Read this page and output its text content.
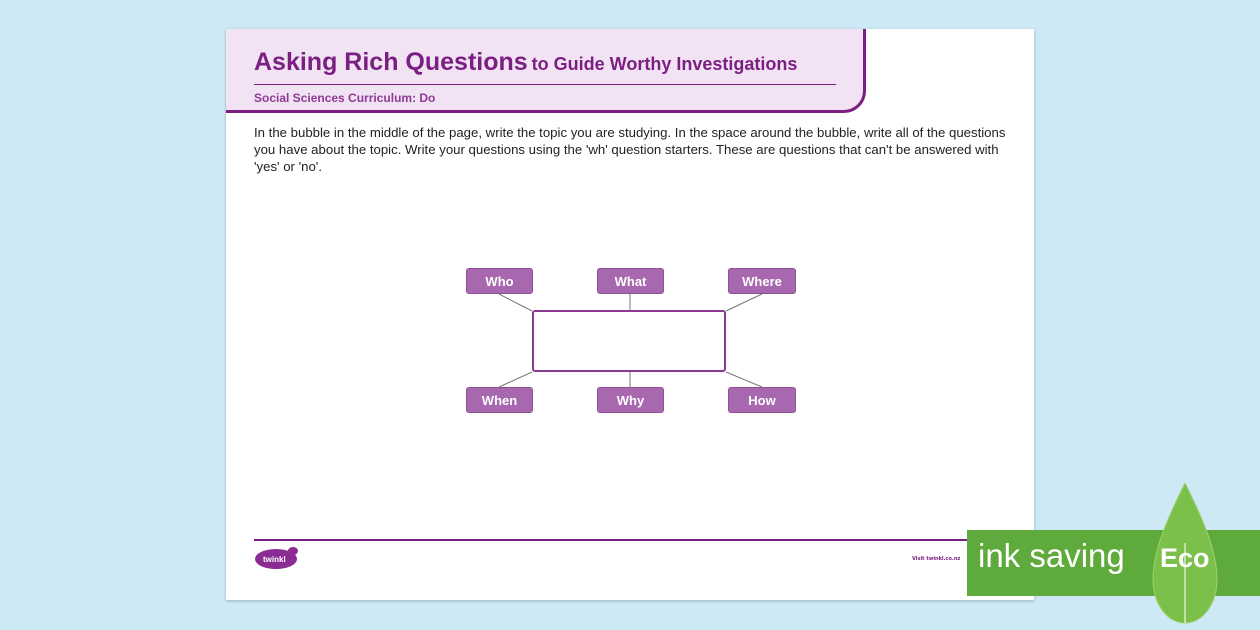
Asking Rich Questions to Guide Worthy Investigations
Social Sciences Curriculum: Do

In the bubble in the middle of the page, write the topic you are studying. In the space around the bubble, write all of the questions you have about the topic. Write your questions using the 'wh' question starters. These are questions that can't be answered with 'yes' or 'no'.

Who	What	Where
When	Why	How
twinkl	Visit twinkl.co.nz ink saving Eco
